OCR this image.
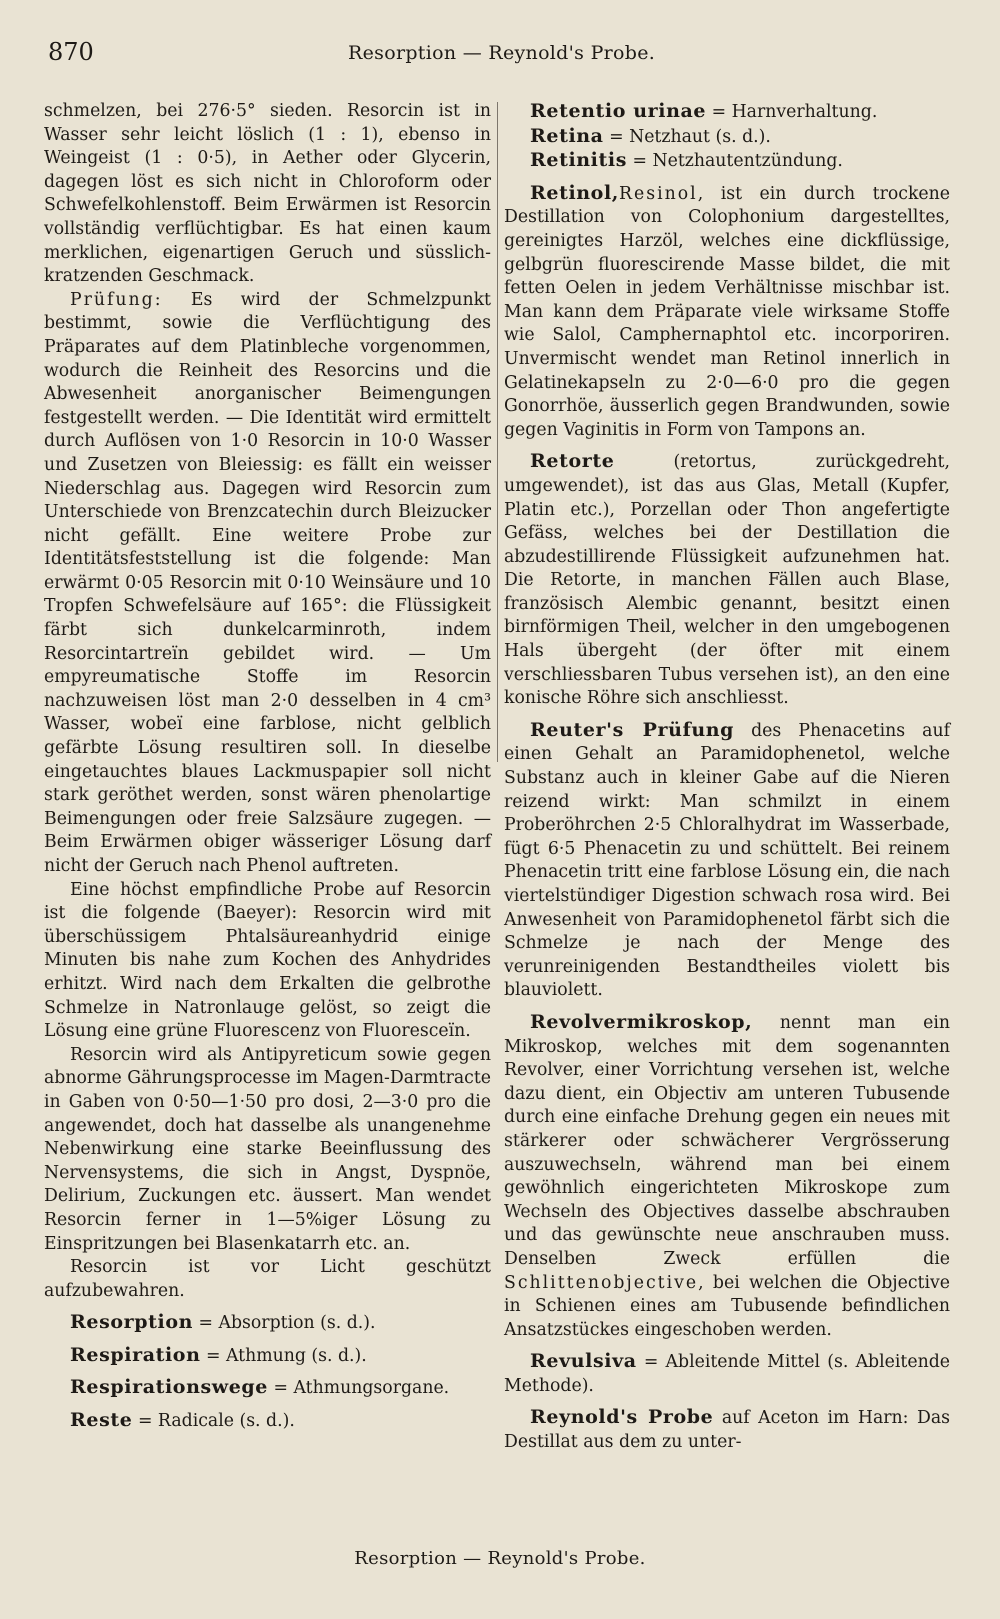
870	Resorption — Reynold's Probe.

schmelzen, bei 276·5° sieden. Resorcin ist in Wasser sehr leicht löslich (1 : 1), ebenso in Weingeist (1 : 0·5), in Aether oder Glycerin, dagegen löst es sich nicht in Chloroform oder Schwefelkohlenstoff. Beim Erwärmen ist Resorcin vollständig verflüchtigbar. Es hat einen kaum merklichen, eigenartigen Geruch und süsslich-kratzenden Geschmack.

Prüfung: Es wird der Schmelzpunkt bestimmt, sowie die Verflüchtigung des Präparates auf dem Platinbleche vorgenommen, wodurch die Reinheit des Resorcins und die Abwesenheit anorganischer Beimengungen festgestellt werden. — Die Identität wird ermittelt durch Auflösen von 1·0 Resorcin in 10·0 Wasser und Zusetzen von Bleiessig: es fällt ein weisser Niederschlag aus. Dagegen wird Resorcin zum Unterschiede von Brenzcatechin durch Bleizucker nicht gefällt. Eine weitere Probe zur Identitätsfeststellung ist die folgende: Man erwärmt 0·05 Resorcin mit 0·10 Weinsäure und 10 Tropfen Schwefelsäure auf 165°: die Flüssigkeit färbt sich dunkelcarminroth, indem Resorcintartreïn gebildet wird. — Um empyreumatische Stoffe im Resorcin nachzuweisen löst man 2·0 desselben in 4 cm³ Wasser, wobeï eine farblose, nicht gelblich gefärbte Lösung resultiren soll. In dieselbe eingetauchtes blaues Lackmuspapier soll nicht stark geröthet werden, sonst wären phenolartige Beimengungen oder freie Salzsäure zugegen. — Beim Erwärmen obiger wässeriger Lösung darf nicht der Geruch nach Phenol auftreten.

Eine höchst empfindliche Probe auf Resorcin ist die folgende (Baeyer): Resorcin wird mit überschüssigem Phtalsäureanhydrid einige Minuten bis nahe zum Kochen des Anhydrides erhitzt. Wird nach dem Erkalten die gelbrothe Schmelze in Natronlauge gelöst, so zeigt die Lösung eine grüne Fluorescenz von Fluoresceïn.

Resorcin wird als Antipyreticum sowie gegen abnorme Gährungsprocesse im Magen-Darmtracte in Gaben von 0·50—1·50 pro dosi, 2—3·0 pro die angewendet, doch hat dasselbe als unangenehme Nebenwirkung eine starke Beeinflussung des Nervensystems, die sich in Angst, Dyspnöe, Delirium, Zuckungen etc. äussert. Man wendet Resorcin ferner in 1—5%iger Lösung zu Einspritzungen bei Blasenkatarrh etc. an.

Resorcin ist vor Licht geschützt aufzubewahren.

Resorption = Absorption (s. d.).

Respiration = Athmung (s. d.).

Respirationswege = Athmungsorgane.

Reste = Radicale (s. d.).

Retentio urinae = Harnverhaltung.

Retina = Netzhaut (s. d.).

Retinitis = Netzhautentzündung.

Retinol,Resinol, ist ein durch trockene Destillation von Colophonium dargestelltes, gereinigtes Harzöl, welches eine dickflüssige, gelbgrün fluorescirende Masse bildet, die mit fetten Oelen in jedem Verhältnisse mischbar ist. Man kann dem Präparate viele wirksame Stoffe wie Salol, Camphernaphtol etc. incorporiren. Unvermischt wendet man Retinol innerlich in Gelatinekapseln zu 2·0—6·0 pro die gegen Gonorrhöe, äusserlich gegen Brandwunden, sowie gegen Vaginitis in Form von Tampons an.

Retorte (retortus, zurückgedreht, umgewendet), ist das aus Glas, Metall (Kupfer, Platin etc.), Porzellan oder Thon angefertigte Gefäss, welches bei der Destillation die abzudestillirende Flüssigkeit aufzunehmen hat. Die Retorte, in manchen Fällen auch Blase, französisch Alembic genannt, besitzt einen birnförmigen Theil, welcher in den umgebogenen Hals übergeht (der öfter mit einem verschliessbaren Tubus versehen ist), an den eine konische Röhre sich anschliesst.

Reuter's Prüfung des Phenacetins auf einen Gehalt an Paramidophenetol, welche Substanz auch in kleiner Gabe auf die Nieren reizend wirkt: Man schmilzt in einem Proberöhrchen 2·5 Chloralhydrat im Wasserbade, fügt 6·5 Phenacetin zu und schüttelt. Bei reinem Phenacetin tritt eine farblose Lösung ein, die nach viertelstündiger Digestion schwach rosa wird. Bei Anwesenheit von Paramidophenetol färbt sich die Schmelze je nach der Menge des verunreinigenden Bestandtheiles violett bis blauviolett.

Revolvermikroskop, nennt man ein Mikroskop, welches mit dem sogenannten Revolver, einer Vorrichtung versehen ist, welche dazu dient, ein Objectiv am unteren Tubusende durch eine einfache Drehung gegen ein neues mit stärkerer oder schwächerer Vergrösserung auszuwechseln, während man bei einem gewöhnlich eingerichteten Mikroskope zum Wechseln des Objectives dasselbe abschrauben und das gewünschte neue anschrauben muss. Denselben Zweck erfüllen die Schlittenobjective, bei welchen die Objective in Schienen eines am Tubusende befindlichen Ansatzstückes eingeschoben werden.

Revulsiva = Ableitende Mittel (s. Ableitende Methode).

Reynold's Probe auf Aceton im Harn: Das Destillat aus dem zu unter-

Resorption — Reynold's Probe.
